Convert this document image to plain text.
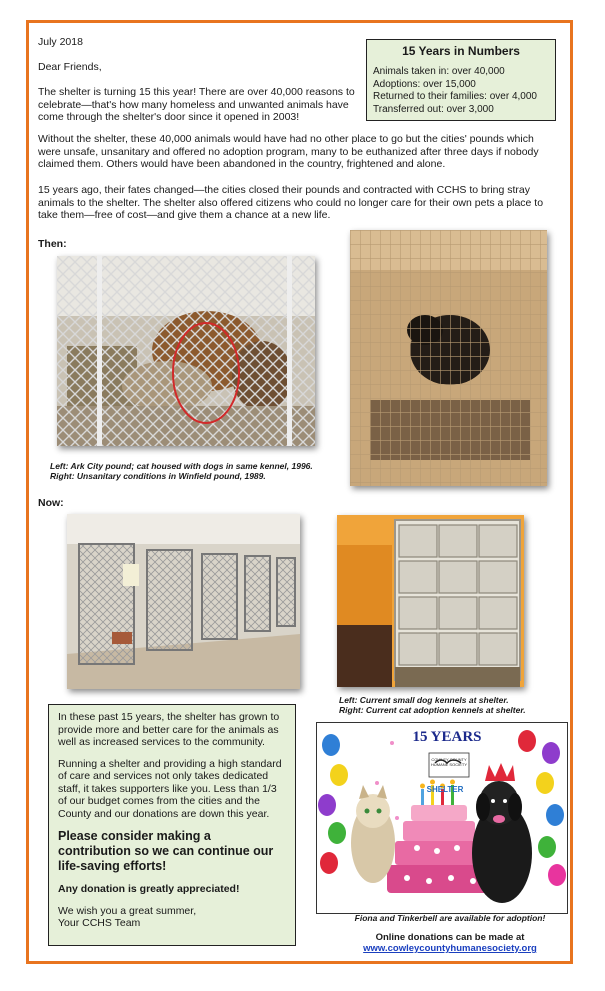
July 2018
Dear Friends,
The shelter is turning 15 this year! There are over 40,000 reasons to celebrate—that's how many homeless and unwanted animals have come through the shelter's door since it opened in 2003!
Without the shelter, these 40,000 animals would have had no other place to go but the cities' pounds which were unsafe, unsanitary and offered no adoption program, many to be euthanized after three days if nobody claimed them. Others would have been abandoned in the country, frightened and alone.
15 years ago, their fates changed—the cities closed their pounds and contracted with CCHS to bring stray animals to the shelter. The shelter also offered citizens who could no longer care for their own pets a place to take them—free of cost—and give them a chance at a new life.
15 Years in Numbers
Animals taken in: over 40,000
Adoptions: over 15,000
Returned to their families: over 4,000
Transferred out: over 3,000
Then:
Left: Ark City pound; cat housed with dogs in same kennel, 1996.
Right: Unsanitary conditions in Winfield pound, 1989.
Now:
Left: Current small dog kennels at shelter.
Right: Current cat adoption kennels at shelter.

In these past 15 years, the shelter has grown to provide more and better care for the animals as well as increased services to the community.

Running a shelter and providing a high standard of care and services not only takes dedicated staff, it takes supporters like you. Less than 1/3 of our budget comes from the cities and the County and our donations are down this year.

Please consider making a contribution so we can continue our life-saving efforts!

Any donation is greatly appreciated!

We wish you a great summer,
Your CCHS Team
15 YEARS
COWLEY COUNTY HUMANE SOCIETY
SHELTER
Fiona and Tinkerbell are available for adoption!
Online donations can be made at
www.cowleycountyhumanesociety.org
